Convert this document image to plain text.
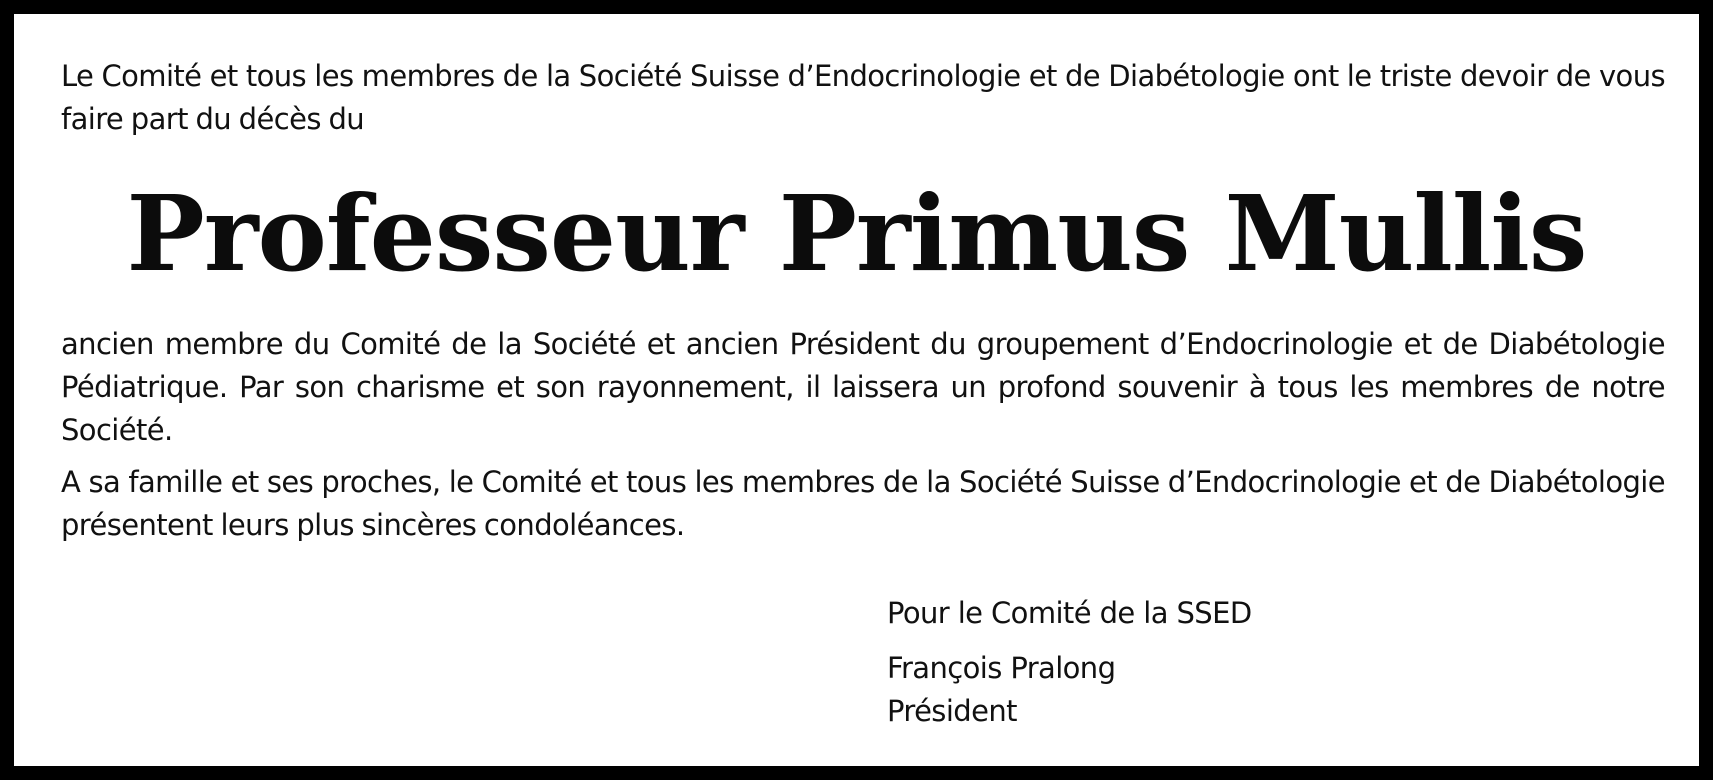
Le Comité et tous les membres de la Société Suisse d’Endocrinologie et de Diabétologie ont le triste devoir de vous faire part du décès du

Professeur Primus Mullis

ancien membre du Comité de la Société et ancien Président du groupement d’Endocrinologie et de Diabétologie Pédiatrique. Par son charisme et son rayonnement, il laissera un profond souvenir à tous les membres de notre Société.

A sa famille et ses proches, le Comité et tous les membres de la Société Suisse d’Endocrinologie et de Diabétologie présentent leurs plus sincères condoléances.

Pour le Comité de la SSED

François Pralong

Président
